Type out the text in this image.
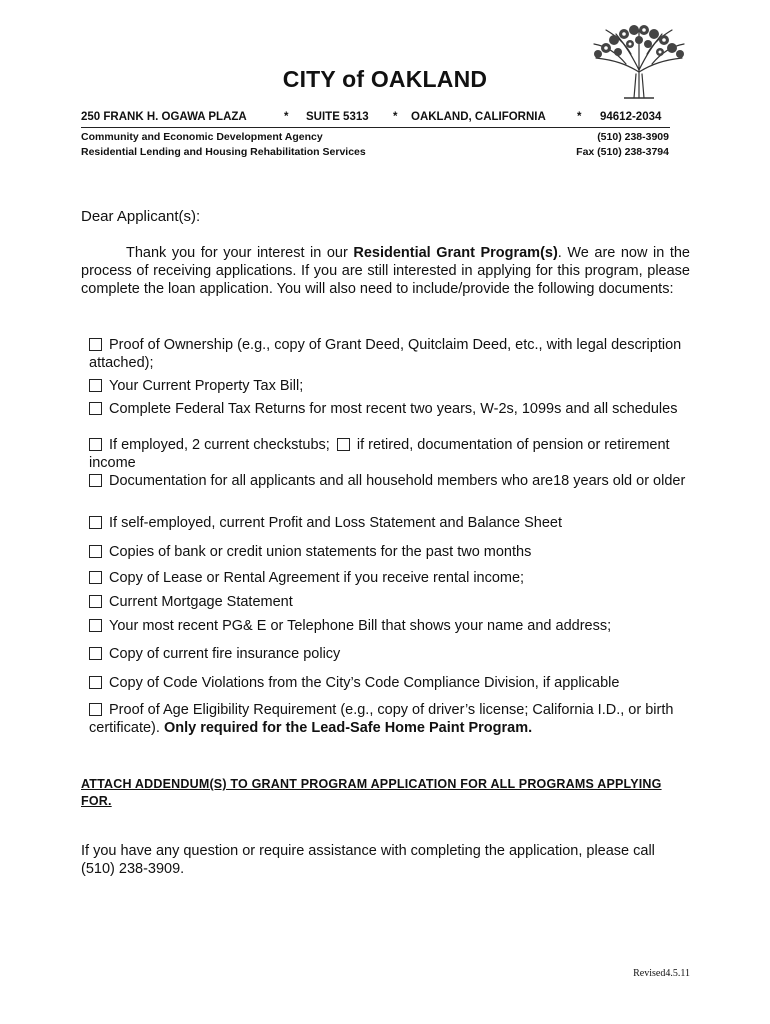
CITY of OAKLAND
250 FRANK H. OGAWA PLAZA	* SUITE 5313 * OAKLAND, CALIFORNIA	* 94612-2034
Community and Economic Development Agency	(510) 238-3909
Residential Lending and Housing Rehabilitation Services	Fax (510) 238-3794
Dear Applicant(s):
Thank you for your interest in our Residential Grant Program(s). We are now in the process of receiving applications. If you are still interested in applying for this program, please complete the loan application. You will also need to include/provide the following documents:
Proof of Ownership (e.g., copy of Grant Deed, Quitclaim Deed, etc., with legal description attached);
Your Current Property Tax Bill;
Complete Federal Tax Returns for most recent two years, W-2s, 1099s and all schedules
If employed, 2 current checkstubs; if retired, documentation of pension or retirement income
Documentation for all applicants and all household members who are18 years old or older
If self-employed, current Profit and Loss Statement and Balance Sheet
Copies of bank or credit union statements for the past two months
Copy of Lease or Rental Agreement if you receive rental income;
Current Mortgage Statement
Your most recent PG& E or Telephone Bill that shows your name and address;
Copy of current fire insurance policy
Copy of Code Violations from the City’s Code Compliance Division, if applicable
Proof of Age Eligibility Requirement (e.g., copy of driver’s license; California I.D., or birth certificate). Only required for the Lead-Safe Home Paint Program.
ATTACH ADDENDUM(S) TO GRANT PROGRAM APPLICATION FOR ALL PROGRAMS APPLYING FOR.
If you have any question or require assistance with completing the application, please call (510) 238-3909.
Revised4.5.11
